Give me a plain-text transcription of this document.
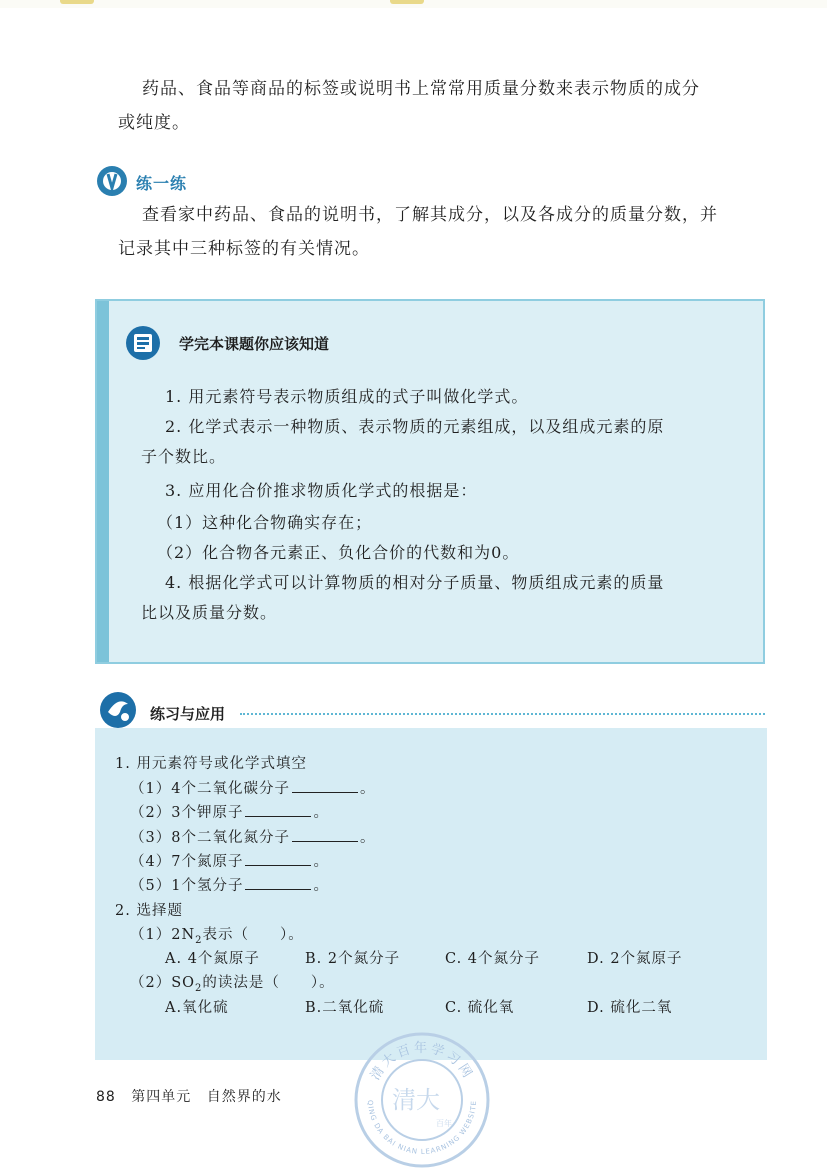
药品、食品等商品的标签或说明书上常常用质量分数来表示物质的成分
或纯度。

练一练

查看家中药品、食品的说明书，了解其成分，以及各成分的质量分数，并
记录其中三种标签的有关情况。

学完本课题你应该知道

1. 用元素符号表示物质组成的式子叫做化学式。

2. 化学式表示一种物质、表示物质的元素组成，以及组成元素的原

子个数比。

3. 应用化合价推求物质化学式的根据是：

（1）这种化合物确实存在；

（2）化合物各元素正、负化合价的代数和为0。

4. 根据化学式可以计算物质的相对分子质量、物质组成元素的质量

比以及质量分数。

练习与应用
1. 用元素符号或化学式填空
（1）4个二氧化碳分子	。
（2）3个钾原子	。
（3）8个二氧化氮分子	。
（4）7个氮原子	。
（5）1个氢分子	。
2. 选择题
$(1)2N_2$表示（　　）。
A. 4个氮原子	B. 2个氮分子	C. 4个氮分子	D. 2个氮原子
$(2)SO_2$的读法是（　　）。
A.氧化硫	B.二氧化硫	C. 硫化氧	D. 硫化二氧
88 第四单元 自然界的水
清大百年学习网
QING DA BAI NIAN LEARNING WEBSITE
清大
百年
